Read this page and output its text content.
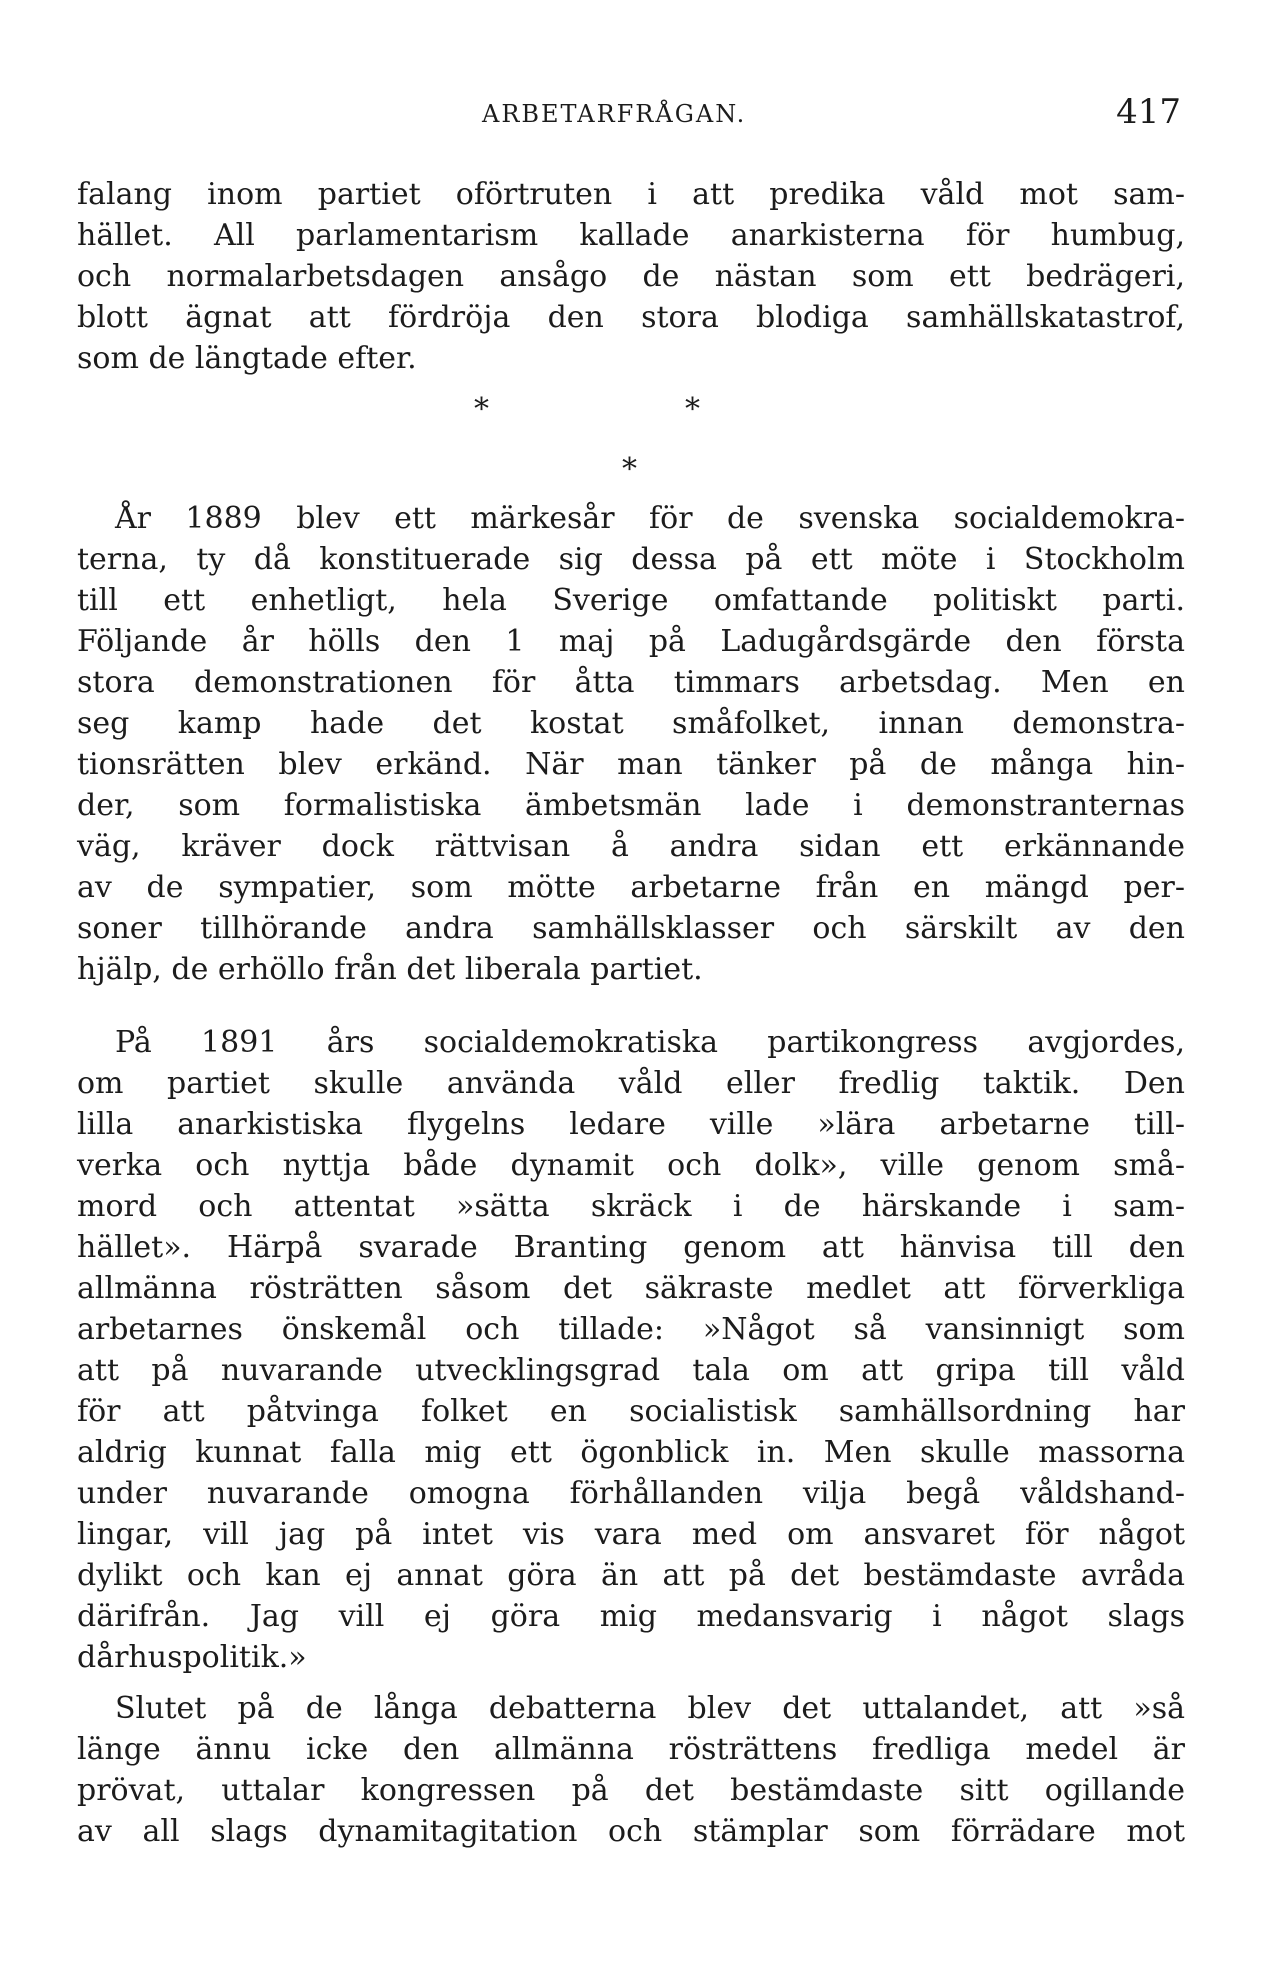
ARBETARFRÅGAN.	417
falang inom partiet oförtruten i att predika våld mot sam-
hället. All parlamentarism kallade anarkisterna för humbug,
och normalarbetsdagen ansågo de nästan som ett bedrägeri,
blott ägnat att fördröja den stora blodiga samhällskatastrof,
som de längtade efter.
*	*
*
År 1889 blev ett märkesår för de svenska socialdemokra-
terna, ty då konstituerade sig dessa på ett möte i Stockholm
till ett enhetligt, hela Sverige omfattande politiskt parti.
Följande år hölls den 1 maj på Ladugårdsgärde den första
stora demonstrationen för åtta timmars arbetsdag. Men en
seg kamp hade det kostat småfolket, innan demonstra-
tionsrätten blev erkänd. När man tänker på de många hin-
der, som formalistiska ämbetsmän lade i demonstranternas
väg, kräver dock rättvisan å andra sidan ett erkännande
av de sympatier, som mötte arbetarne från en mängd per-
soner tillhörande andra samhällsklasser och särskilt av den
hjälp, de erhöllo från det liberala partiet.
På 1891 års socialdemokratiska partikongress avgjordes,
om partiet skulle använda våld eller fredlig taktik. Den
lilla anarkistiska flygelns ledare ville »lära arbetarne till-
verka och nyttja både dynamit och dolk», ville genom små-
mord och attentat »sätta skräck i de härskande i sam-
hället». Härpå svarade Branting genom att hänvisa till den
allmänna rösträtten såsom det säkraste medlet att förverkliga
arbetarnes önskemål och tillade: »Något så vansinnigt som
att på nuvarande utvecklingsgrad tala om att gripa till våld
för att påtvinga folket en socialistisk samhällsordning har
aldrig kunnat falla mig ett ögonblick in. Men skulle massorna
under nuvarande omogna förhållanden vilja begå våldshand-
lingar, vill jag på intet vis vara med om ansvaret för något
dylikt och kan ej annat göra än att på det bestämdaste avråda
därifrån. Jag vill ej göra mig medansvarig i något slags
dårhuspolitik.»
Slutet på de långa debatterna blev det uttalandet, att »så
länge ännu icke den allmänna rösträttens fredliga medel är
prövat, uttalar kongressen på det bestämdaste sitt ogillande
av all slags dynamitagitation och stämplar som förrädare mot
